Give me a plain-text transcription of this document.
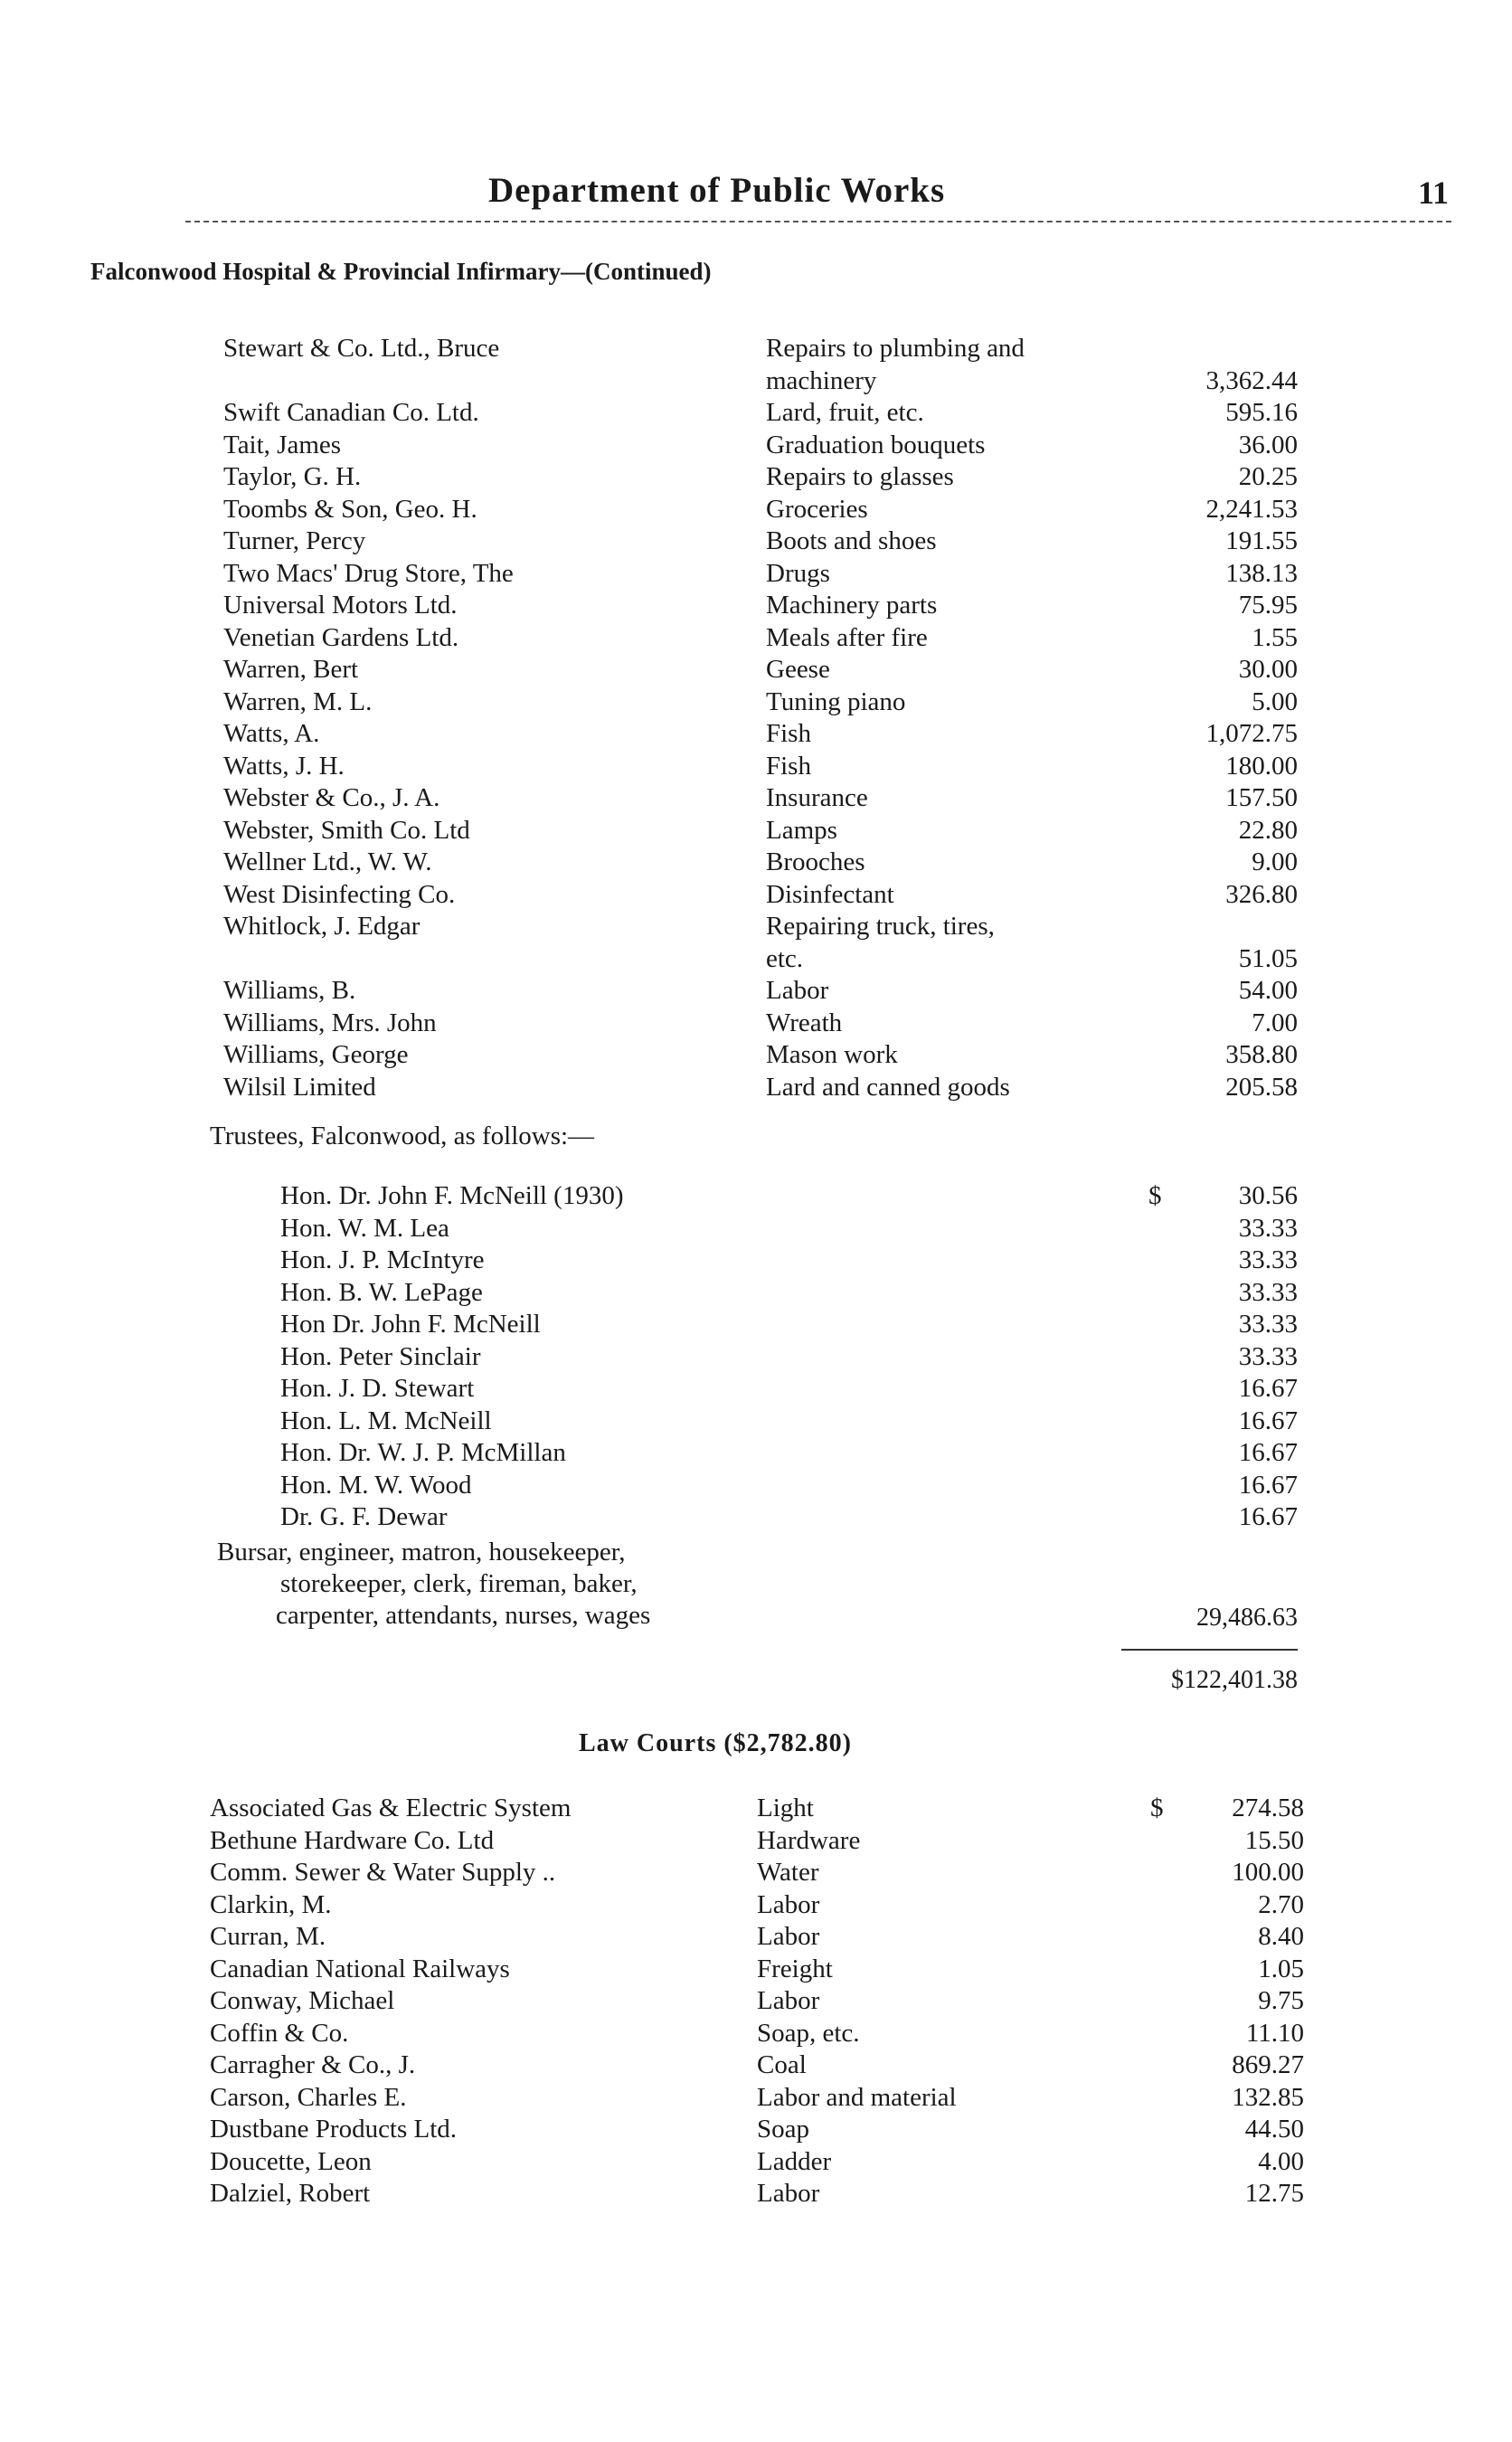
Department of Public Works	11
Falconwood Hospital & Provincial Infirmary—(Continued)
Stewart & Co. Ltd., Bruce	Repairs to plumbing and
machinery	3,362.44
Swift Canadian Co. Ltd.	Lard, fruit, etc.	595.16
Tait, James	Graduation bouquets	36.00
Taylor, G. H.	Repairs to glasses	20.25
Toombs & Son, Geo. H.	Groceries	2,241.53
Turner, Percy	Boots and shoes	191.55
Two Macs' Drug Store, The	Drugs	138.13
Universal Motors Ltd.	Machinery parts	75.95
Venetian Gardens Ltd.	Meals after fire	1.55
Warren, Bert	Geese	30.00
Warren, M. L.	Tuning piano	5.00
Watts, A.	Fish	1,072.75
Watts, J. H.	Fish	180.00
Webster & Co., J. A.	Insurance	157.50
Webster, Smith Co. Ltd	Lamps	22.80
Wellner Ltd., W. W.	Brooches	9.00
West Disinfecting Co.	Disinfectant	326.80
Whitlock, J. Edgar	Repairing truck, tires,
etc.	51.05
Williams, B.	Labor	54.00
Williams, Mrs. John	Wreath	7.00
Williams, George	Mason work	358.80
Wilsil Limited	Lard and canned goods	205.58
Trustees, Falconwood, as follows:—
Hon. Dr. John F. McNeill (1930)	$	30.56
Hon. W. M. Lea	33.33
Hon. J. P. McIntyre	33.33
Hon. B. W. LePage	33.33
Hon Dr. John F. McNeill	33.33
Hon. Peter Sinclair	33.33
Hon. J. D. Stewart	16.67
Hon. L. M. McNeill	16.67
Hon. Dr. W. J. P. McMillan	16.67
Hon. M. W. Wood	16.67
Dr. G. F. Dewar	16.67
Bursar, engineer, matron, housekeeper,
storekeeper, clerk, fireman, baker,
carpenter, attendants, nurses, wages	29,486.63
$122,401.38
Law Courts ($2,782.80)
Associated Gas & Electric System	Light	$	274.58
Bethune Hardware Co. Ltd	Hardware	15.50
Comm. Sewer & Water Supply ..	Water	100.00
Clarkin, M.	Labor	2.70
Curran, M.	Labor	8.40
Canadian National Railways	Freight	1.05
Conway, Michael	Labor	9.75
Coffin & Co.	Soap, etc.	11.10
Carragher & Co., J.	Coal	869.27
Carson, Charles E.	Labor and material	132.85
Dustbane Products Ltd.	Soap	44.50
Doucette, Leon	Ladder	4.00
Dalziel, Robert	Labor	12.75
